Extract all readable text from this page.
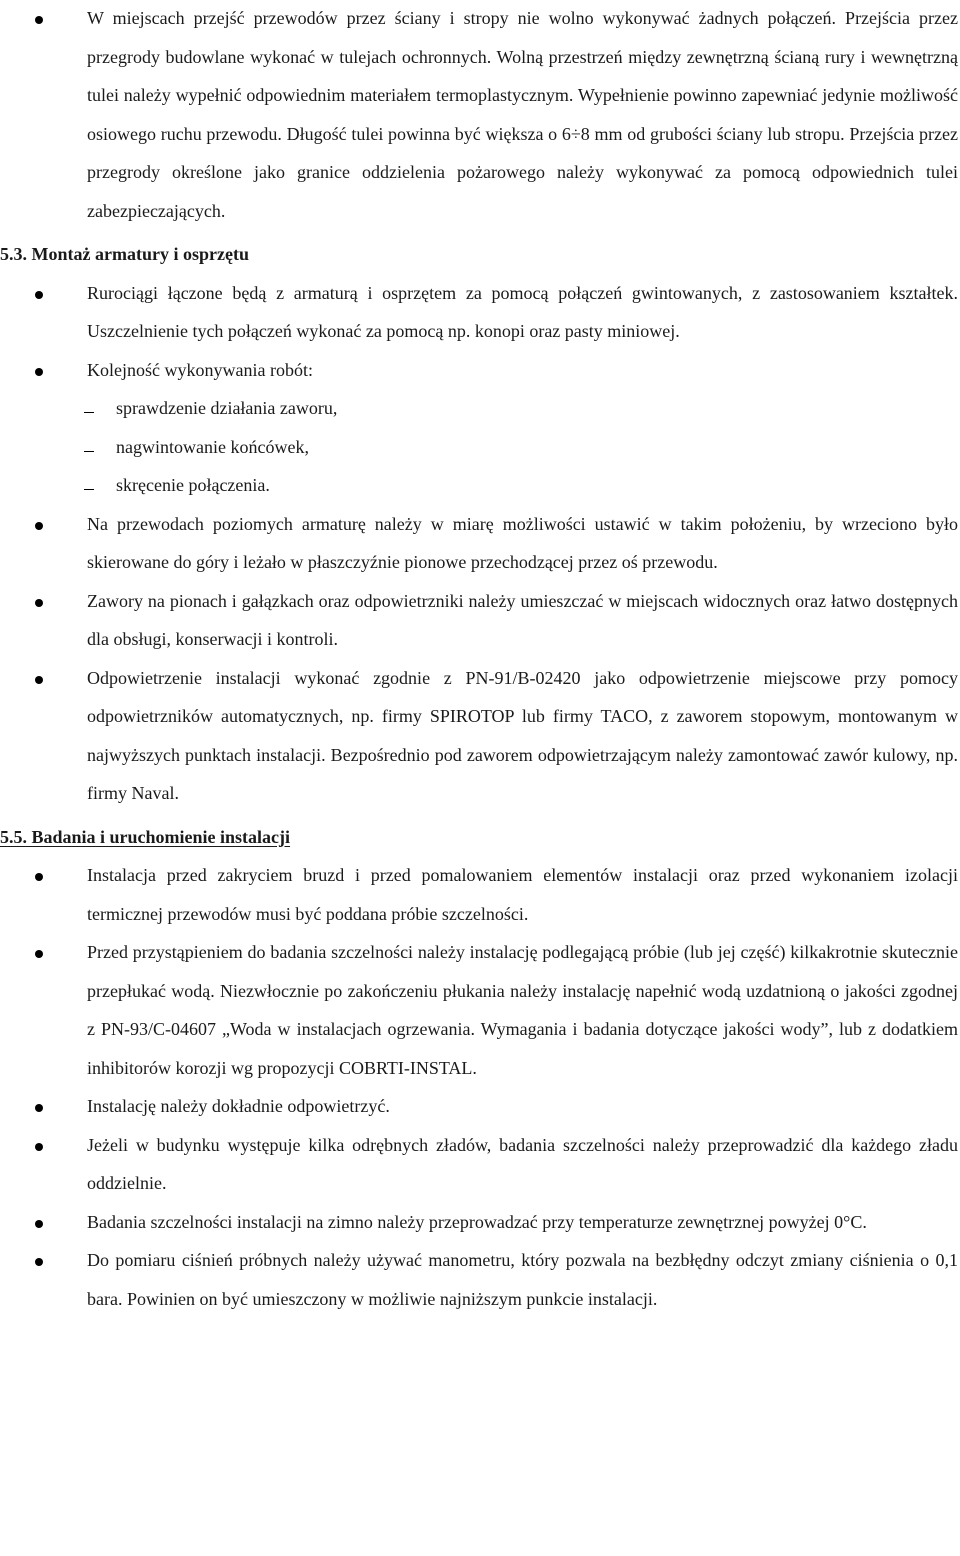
W miejscach przejść przewodów przez ściany i stropy nie wolno wykonywać żadnych połączeń. Przejścia przez przegrody budowlane wykonać w tulejach ochronnych. Wolną przestrzeń między zewnętrzną ścianą rury i wewnętrzną tulei należy wypełnić odpowiednim materiałem termoplastycznym. Wypełnienie powinno zapewniać jedynie możliwość osiowego ruchu przewodu. Długość tulei powinna być większa o 6÷8 mm od grubości ściany lub stropu. Przejścia przez przegrody określone jako granice oddzielenia pożarowego należy wykonywać za pomocą odpowiednich tulei zabezpieczających.
5.3. Montaż armatury i osprzętu
Rurociągi łączone będą z armaturą i osprzętem za pomocą połączeń gwintowanych, z zastosowaniem kształtek. Uszczelnienie tych połączeń wykonać za pomocą np. konopi oraz pasty miniowej.
Kolejność wykonywania robót:
sprawdzenie działania zaworu,
nagwintowanie końcówek,
skręcenie połączenia.
Na przewodach poziomych armaturę należy w miarę możliwości ustawić w takim położeniu, by wrzeciono było skierowane do góry i leżało w płaszczyźnie pionowe przechodzącej przez oś przewodu.
Zawory na pionach i gałązkach oraz odpowietrzniki należy umieszczać w miejscach widocznych oraz łatwo dostępnych dla obsługi, konserwacji i kontroli.
Odpowietrzenie instalacji wykonać zgodnie z PN-91/B-02420 jako odpowietrzenie miejscowe przy pomocy odpowietrzników automatycznych, np. firmy SPIROTOP lub firmy TACO, z zaworem stopowym, montowanym w najwyższych punktach instalacji. Bezpośrednio pod zaworem odpowietrzającym należy zamontować zawór kulowy, np. firmy Naval.
5.5. Badania i uruchomienie instalacji
Instalacja przed zakryciem bruzd i przed pomalowaniem elementów instalacji oraz przed wykonaniem izolacji termicznej przewodów musi być poddana próbie szczelności.
Przed przystąpieniem do badania szczelności należy instalację podlegającą próbie (lub jej część) kilkakrotnie skutecznie przepłukać wodą. Niezwłocznie po zakończeniu płukania należy instalację napełnić wodą uzdatnioną o jakości zgodnej z PN-93/C-04607 „Woda w instalacjach ogrzewania. Wymagania i badania dotyczące jakości wody”, lub z dodatkiem inhibitorów korozji wg propozycji COBRTI-INSTAL.
Instalację należy dokładnie odpowietrzyć.
Jeżeli w budynku występuje kilka odrębnych zładów, badania szczelności należy przeprowadzić dla każdego zładu oddzielnie.
Badania szczelności instalacji na zimno należy przeprowadzać przy temperaturze zewnętrznej powyżej 0°C.
Do pomiaru ciśnień próbnych należy używać manometru, który pozwala na bezbłędny odczyt zmiany ciśnienia o 0,1 bara. Powinien on być umieszczony w możliwie najniższym punkcie instalacji.
